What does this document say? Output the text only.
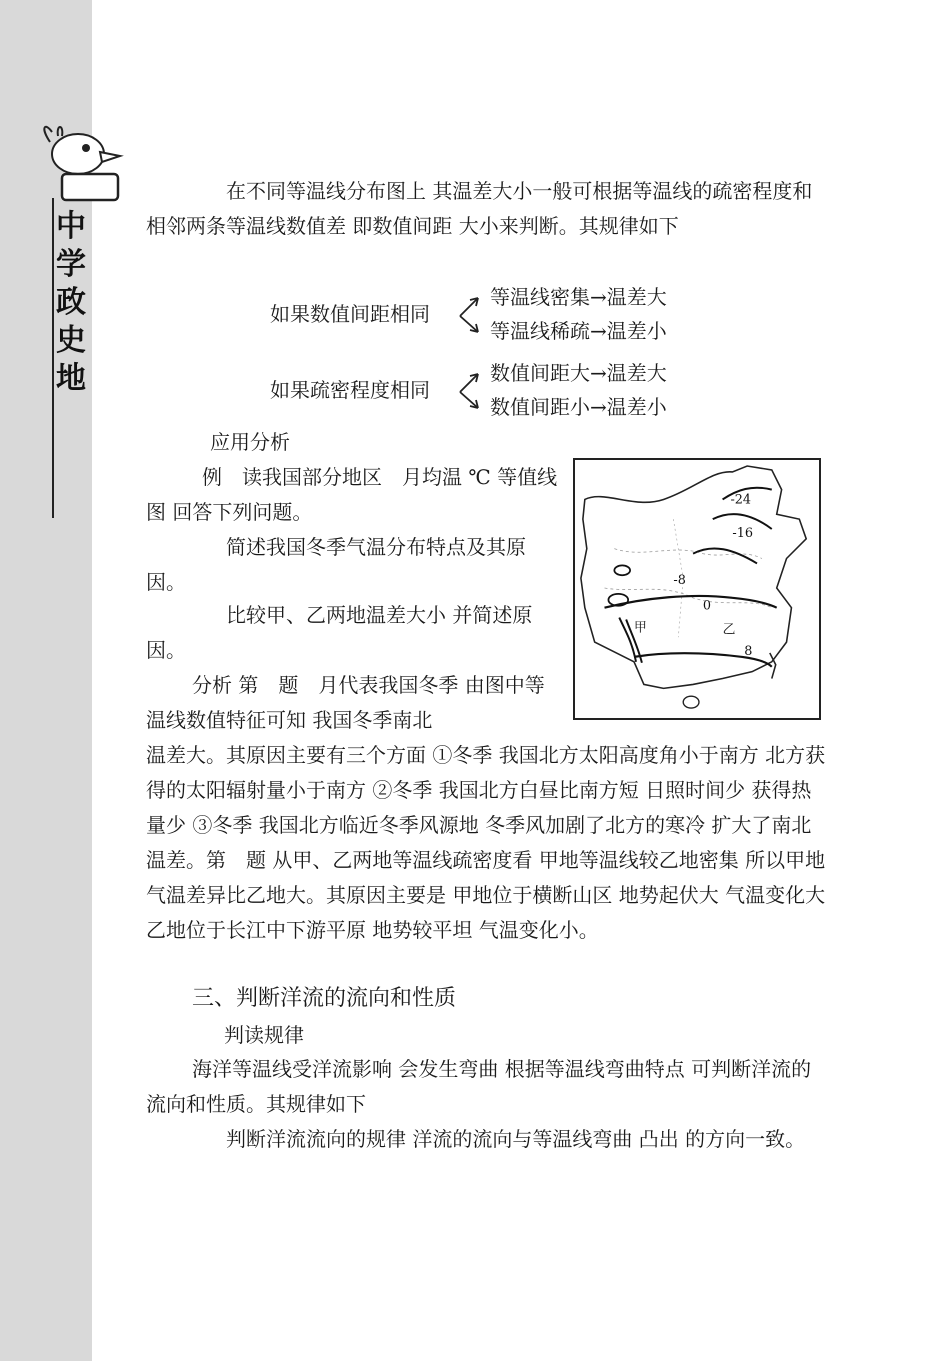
中
学
政
史
地

在不同等温线分布图上 其温差大小一般可根据等温线的疏密程度和相邻两条等温线数值差 即数值间距 大小来判断。其规律如下

如果数值间距相同
等温线密集→温差大
等温线稀疏→温差小
如果疏密程度相同
数值间距大→温差大
数值间距小→温差小
应用分析

例　读我国部分地区　月均温 ℃ 等值线图 回答下列问题。

简述我国冬季气温分布特点及其原因。

比较甲、乙两地温差大小 并简述原因。

分析 第　题　月代表我国冬季 由图中等温线数值特征可知 我国冬季南北

温差大。其原因主要有三个方面 ①冬季 我国北方太阳高度角小于南方 北方获得的太阳辐射量小于南方 ②冬季 我国北方白昼比南方短 日照时间少 获得热量少 ③冬季 我国北方临近冬季风源地 冬季风加剧了北方的寒冷 扩大了南北温差。第　题 从甲、乙两地等温线疏密度看 甲地等温线较乙地密集 所以甲地气温差异比乙地大。其原因主要是 甲地位于横断山区 地势起伏大 气温变化大 乙地位于长江中下游平原 地势较平坦 气温变化小。

-24
-16
-8
0
8
甲	乙
三、判断洋流的流向和性质
判读规律

海洋等温线受洋流影响 会发生弯曲 根据等温线弯曲特点 可判断洋流的流向和性质。其规律如下

判断洋流流向的规律 洋流的流向与等温线弯曲 凸出 的方向一致。
